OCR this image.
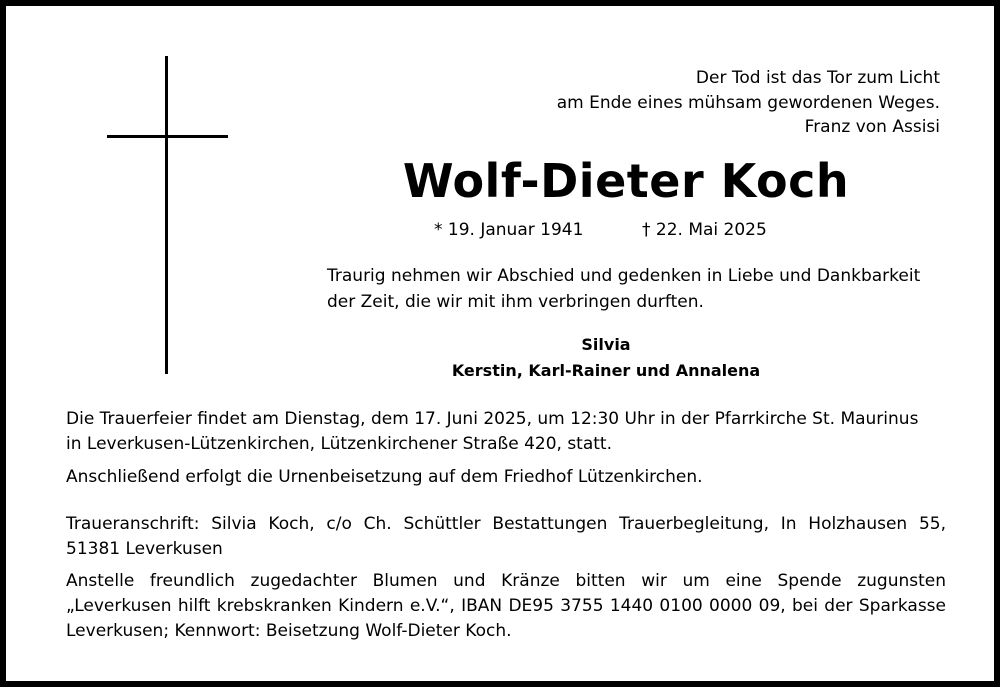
Der Tod ist das Tor zum Licht
am Ende eines mühsam gewordenen Weges.
Franz von Assisi
Wolf-Dieter Koch
* 19. Januar 1941	† 22. Mai 2025
Traurig nehmen wir Abschied und gedenken in Liebe und Dankbarkeit
der Zeit, die wir mit ihm verbringen durften.
Silvia
Kerstin, Karl-Rainer und Annalena
Die Trauerfeier findet am Dienstag, dem 17. Juni 2025, um 12:30 Uhr in der Pfarrkirche St. Maurinus
in Leverkusen-Lützenkirchen, Lützenkirchener Straße 420, statt.
Anschließend erfolgt die Urnenbeisetzung auf dem Friedhof Lützenkirchen.
Traueranschrift: Silvia Koch, c/o Ch. Schüttler Bestattungen Trauerbegleitung, In Holzhausen 55,
51381 Leverkusen
Anstelle freundlich zugedachter Blumen und Kränze bitten wir um eine Spende zugunsten
„Leverkusen hilft krebskranken Kindern e.V.“, IBAN DE95 3755 1440 0100 0000 09, bei der Sparkasse
Leverkusen; Kennwort: Beisetzung Wolf-Dieter Koch.
